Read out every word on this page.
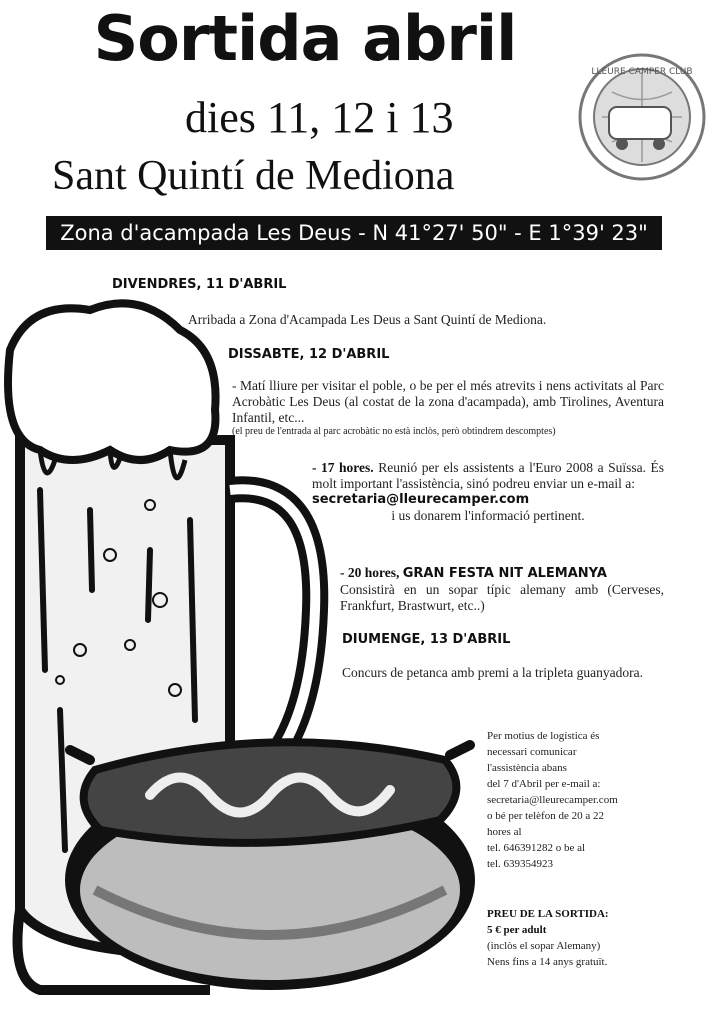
Sortida abril
dies 11, 12 i 13
Sant Quintí de Mediona
LLEURE CAMPER CLUB
Zona d'acampada Les Deus - N 41°27' 50" - E 1°39' 23"
DIVENDRES, 11 D'ABRIL
Arribada a Zona d'Acampada Les Deus a Sant Quintí de Mediona.
DISSABTE, 12 D'ABRIL
- Matí lliure per visitar el poble, o be per el més atrevits i nens activitats al Parc Acrobàtic Les Deus (al costat de la zona d'acampada), amb Tirolines, Aventura Infantil, etc...
(el preu de l'entrada al parc acrobàtic no està inclòs, però obtindrem descomptes)
- 17 hores. Reunió per els assistents a l'Euro 2008 a Suïssa. És molt important l'assistència, sinó podreu enviar un e-mail a:
secretaria@lleurecamper.com
i us donarem l'informació pertinent.
- 20 hores, GRAN FESTA NIT ALEMANYA
Consistirà en un sopar típic alemany amb (Cerveses, Frankfurt, Brastwurt, etc..)
DIUMENGE, 13 D'ABRIL
Concurs de petanca amb premi a la tripleta guanyadora.
Per motius de logística és
necessari comunicar
l'assistència abans
del 7 d'Abril per e-mail a:
secretaria@lleurecamper.com
o bé per telèfon de 20 a 22
hores al
tel. 646391282 o be al
tel. 639354923
PREU DE LA SORTIDA:
5 € per adult
(inclòs el sopar Alemany)
Nens fins a 14 anys gratuït.
